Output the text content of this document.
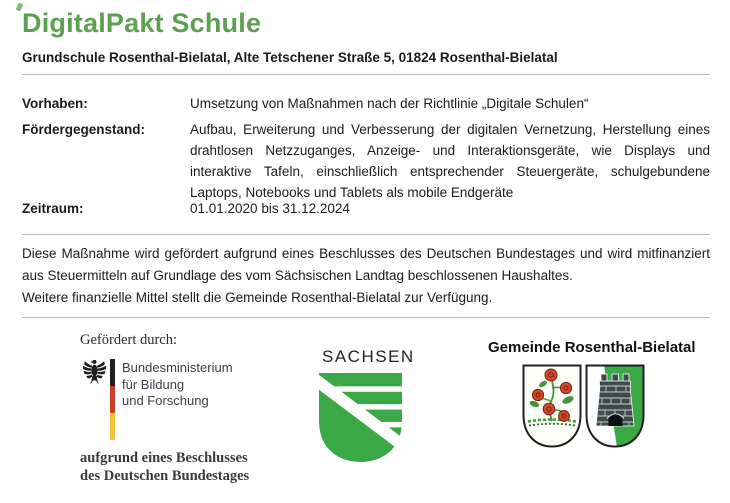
DigitalPakt Schule
Grundschule Rosenthal-Bielatal, Alte Tetschener Straße 5, 01824 Rosenthal-Bielatal
Vorhaben:	Umsetzung von Maßnahmen nach der Richtlinie „Digitale Schulen“
Fördergegenstand:	Aufbau, Erweiterung und Verbesserung der digitalen Vernetzung, Herstellung eines drahtlosen Netzzuganges, Anzeige- und Interaktionsgeräte, wie Displays und interaktive Tafeln, einschließlich entsprechender Steuergeräte, schulgebundene Laptops, Notebooks und Tablets als mobile Endgeräte
Zeitraum:	01.01.2020 bis 31.12.2024
Diese Maßnahme wird gefördert aufgrund eines Beschlusses des Deutschen Bundestages und wird mitfinanziert aus Steuermitteln auf Grundlage des vom Sächsischen Landtag beschlossenen Haushaltes.
Weitere finanzielle Mittel stellt die Gemeinde Rosenthal-Bielatal zur Verfügung.
Gefördert durch:
Bundesministerium
für Bildung
und Forschung
aufgrund eines Beschlusses
des Deutschen Bundestages
SACHSEN	Gemeinde Rosenthal-Bielatal
